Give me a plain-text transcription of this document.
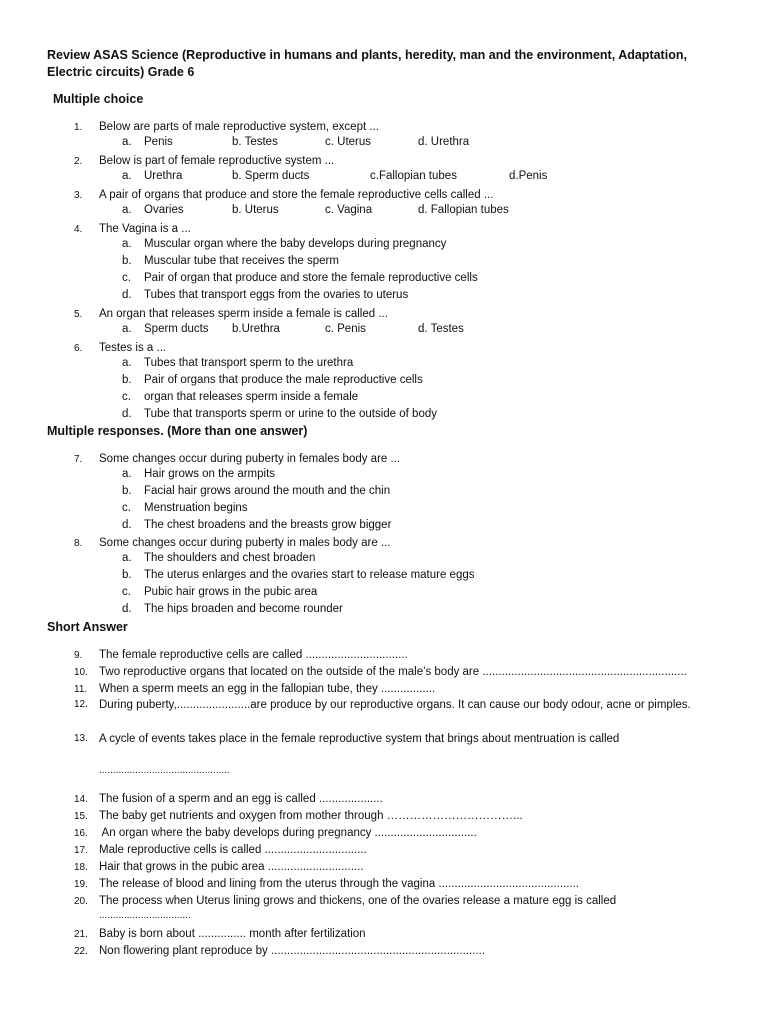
Review ASAS Science (Reproductive in humans and plants, heredity, man and the environment, Adaptation, Electric circuits) Grade 6
Multiple choice
1. Below are parts of male reproductive system, except ...
a. Penis	b. Testes	c. Uterus	d. Urethra
2. Below is part of female reproductive system ...
a. Urethra	b. Sperm ducts	c.Fallopian tubes	d.Penis
3. A pair of organs that produce and store the female reproductive cells called ...
a. Ovaries	b. Uterus	c. Vagina	d. Fallopian tubes
4. The Vagina is a ...
a. Muscular organ where the baby develops during pregnancy
b. Muscular tube that receives the sperm
c. Pair of organ that produce and store the female reproductive cells
d. Tubes that transport eggs from the ovaries to uterus
5. An organ that releases sperm inside a female is called ...
a. Sperm ducts b.Urethra	c. Penis	d. Testes
6. Testes is a ...
a. Tubes that transport sperm to the urethra
b. Pair of organs that produce the male reproductive cells
c. organ that releases sperm inside a female
d. Tube that transports sperm or urine to the outside of body
Multiple responses. (More than one answer)
7. Some changes occur during puberty in females body are ...
a. Hair grows on the armpits
b. Facial hair grows around the mouth and the chin
c. Menstruation begins
d. The chest broadens and the breasts grow bigger
8. Some changes occur during puberty in males body are ...
a. The shoulders and chest broaden
b. The uterus enlarges and the ovaries start to release mature eggs
c. Pubic hair grows in the pubic area
d. The hips broaden and become rounder
Short Answer
9. The female reproductive cells are called ................................
10. Two reproductive organs that located on the outside of the male’s body are ................................................................
11. When a sperm meets an egg in the fallopian tube, they .................
12. During puberty,.......................are produce by our reproductive organs. It can cause our body odour, acne or pimples.
13. A cycle of events takes place in the female reproductive system that brings about mentruation is called
...............................................
14. The fusion of a sperm and an egg is called ....................
15. The baby get nutrients and oxygen from mother through ……………………………...
16. An organ where the baby develops during pregnancy ................................
17. Male reproductive cells is called ................................
18. Hair that grows in the pubic area ..............................
19. The release of blood and lining from the uterus through the vagina ............................................
20. The process when Uterus lining grows and thickens, one of the ovaries release a mature egg is called
.................................
21. Baby is born about ............... month after fertilization
22. Non flowering plant reproduce by ...................................................................
